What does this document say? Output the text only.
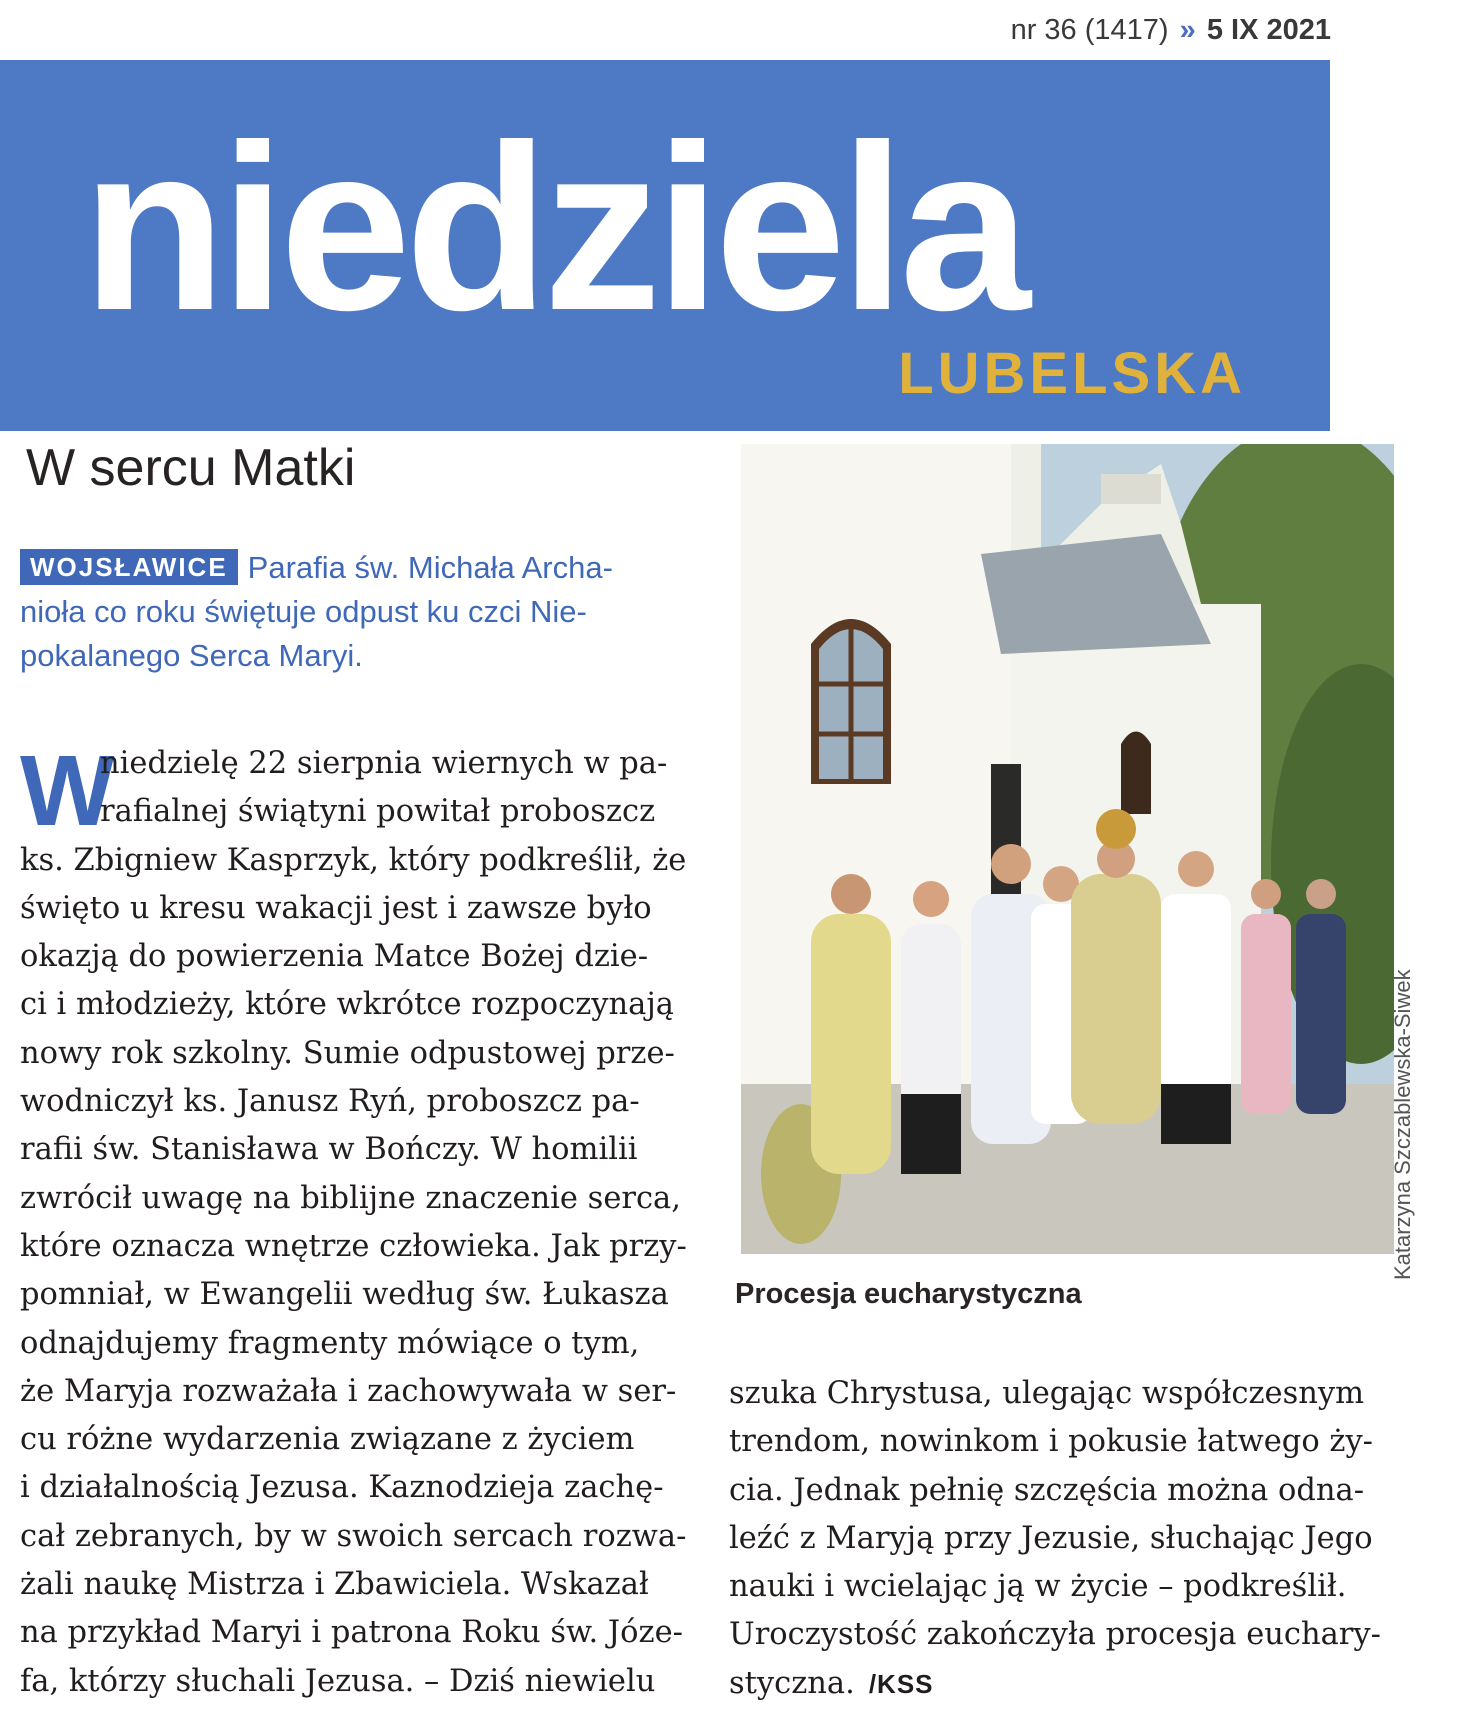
nr 36 (1417) » 5 IX 2021
niedziela
LUBELSKA
W sercu Matki
WOJSŁAWICE Parafia św. Michała Archa-
nioła co roku świętuje odpust ku czci Nie-
pokalanego Serca Maryi.
W
niedzielę 22 sierpnia wiernych w pa-
rafialnej świątyni powitał proboszcz
ks. Zbigniew Kasprzyk, który podkreślił, że
święto u kresu wakacji jest i zawsze było
okazją do powierzenia Matce Bożej dzie-
ci i młodzieży, które wkrótce rozpoczynają
nowy rok szkolny. Sumie odpustowej prze-
wodniczył ks. Janusz Ryń, proboszcz pa-
rafii św. Stanisława w Bończy. W homilii
zwrócił uwagę na biblijne znaczenie serca,
które oznacza wnętrze człowieka. Jak przy-
pomniał, w Ewangelii według św. Łukasza
odnajdujemy fragmenty mówiące o tym,
że Maryja rozważała i zachowywała w ser-
cu różne wydarzenia związane z życiem
i działalnością Jezusa. Kaznodzieja zachę-
cał zebranych, by w swoich sercach rozwa-
żali naukę Mistrza i Zbawiciela. Wskazał
na przykład Maryi i patrona Roku św. Józe-
fa, którzy słuchali Jezusa. – Dziś niewielu
Katarzyna Szczablewska-Siwek
Procesja eucharystyczna
szuka Chrystusa, ulegając współczesnym
trendom, nowinkom i pokusie łatwego ży-
cia. Jednak pełnię szczęścia można odna-
leźć z Maryją przy Jezusie, słuchając Jego
nauki i wcielając ją w życie – podkreślił.
Uroczystość zakończyła procesja euchary-
styczna. /KSS
